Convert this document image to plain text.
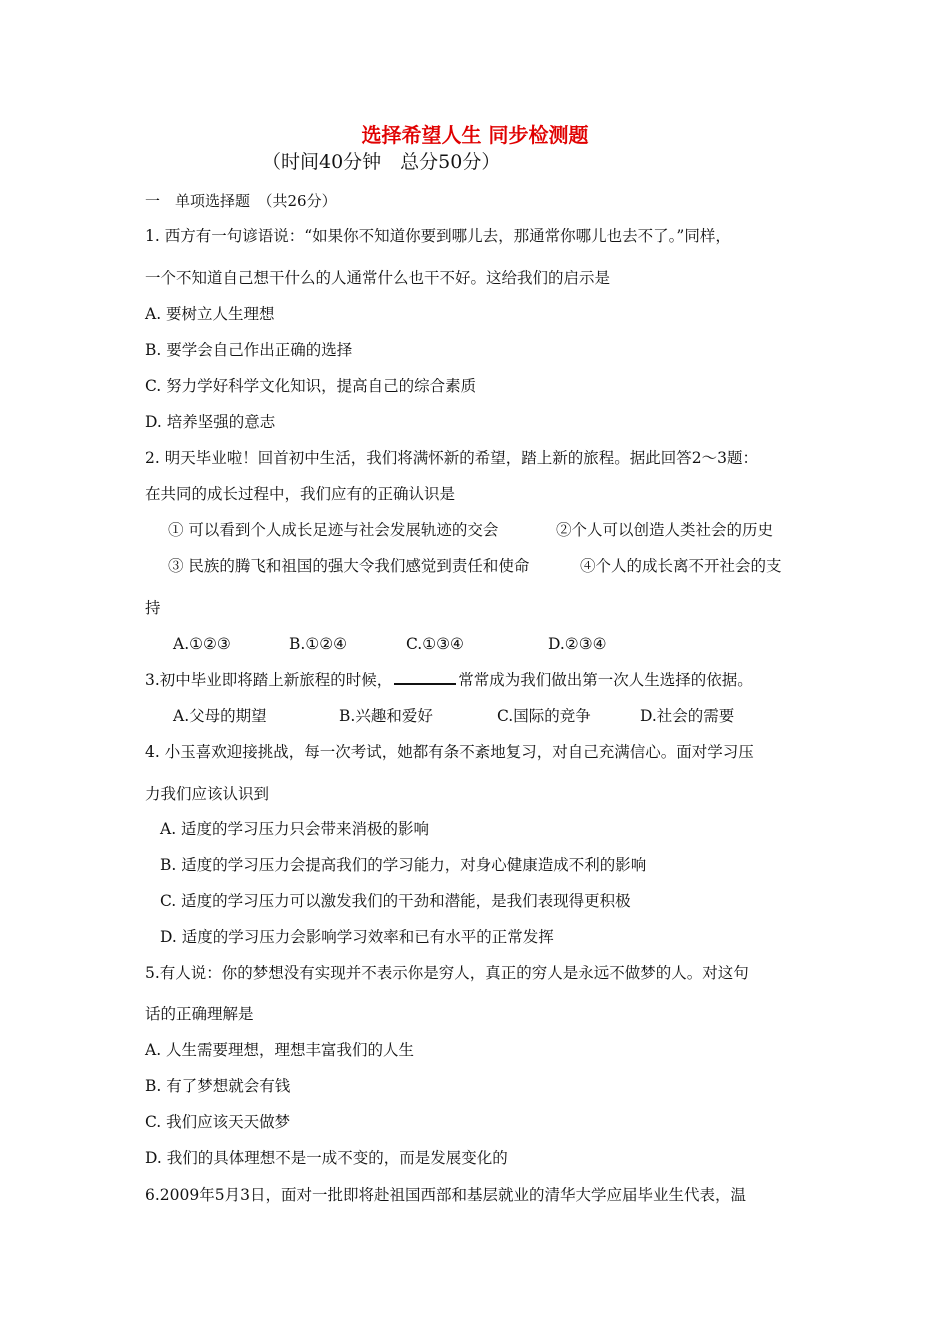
选择希望人生 同步检测题
（时间40分钟　总分50分）
一　单项选择题　（共26分）
1. 西方有一句谚语说：“如果你不知道你要到哪儿去，那通常你哪儿也去不了。”同样，
一个不知道自己想干什么的人通常什么也干不好。这给我们的启示是
A. 要树立人生理想
B. 要学会自己作出正确的选择
C. 努力学好科学文化知识，提高自己的综合素质
D. 培养坚强的意志
2. 明天毕业啦！回首初中生活，我们将满怀新的希望，踏上新的旅程。据此回答2～3题：
在共同的成长过程中，我们应有的正确认识是
① 可以看到个人成长足迹与社会发展轨迹的交会	②个人可以创造人类社会的历史
③ 民族的腾飞和祖国的强大令我们感觉到责任和使命	④个人的成长离不开社会的支
持
A.①②③	B.①②④	C.①③④	D.②③④
3.初中毕业即将踏上新旅程的时候，	常常成为我们做出第一次人生选择的依据。
A.父母的期望	B.兴趣和爱好	C.国际的竞争	D.社会的需要
4. 小玉喜欢迎接挑战，每一次考试，她都有条不紊地复习，对自己充满信心。面对学习压
力我们应该认识到
A. 适度的学习压力只会带来消极的影响
B. 适度的学习压力会提高我们的学习能力，对身心健康造成不利的影响
C. 适度的学习压力可以激发我们的干劲和潜能，是我们表现得更积极
D. 适度的学习压力会影响学习效率和已有水平的正常发挥
5.有人说：你的梦想没有实现并不表示你是穷人，真正的穷人是永远不做梦的人。对这句
话的正确理解是
A. 人生需要理想，理想丰富我们的人生
B. 有了梦想就会有钱
C. 我们应该天天做梦
D. 我们的具体理想不是一成不变的，而是发展变化的
6.2009年5月3日，面对一批即将赴祖国西部和基层就业的清华大学应届毕业生代表，温
